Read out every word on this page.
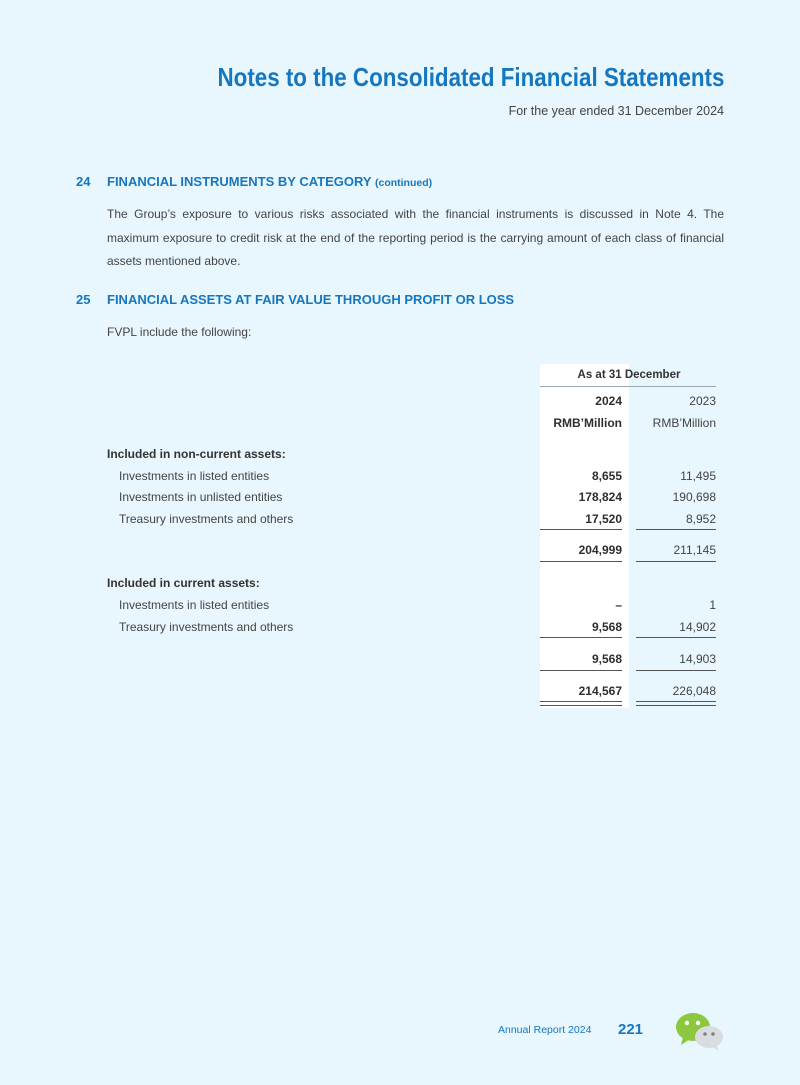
Notes to the Consolidated Financial Statements
For the year ended 31 December 2024
24 FINANCIAL INSTRUMENTS BY CATEGORY (continued)
The Group’s exposure to various risks associated with the financial instruments is discussed in Note 4. The maximum exposure to credit risk at the end of the reporting period is the carrying amount of each class of financial assets mentioned above.
25 FINANCIAL ASSETS AT FAIR VALUE THROUGH PROFIT OR LOSS
FVPL include the following:
As at 31 December
2024	2023
RMB’Million	RMB’Million
Included in non-current assets:
Investments in listed entities	8,655	11,495
Investments in unlisted entities	178,824	190,698
Treasury investments and others	17,520	8,952
204,999	211,145
Included in current assets:
Investments in listed entities	–	1
Treasury investments and others	9,568	14,902
9,568	14,903
214,567	226,048
Annual Report 2024 221
